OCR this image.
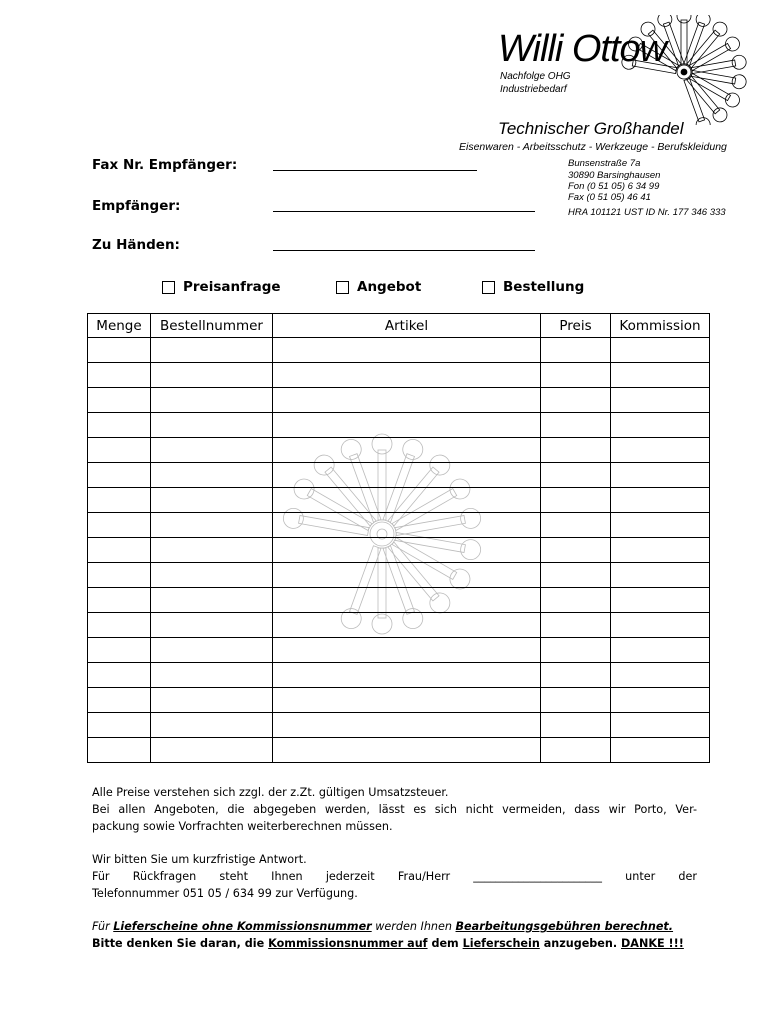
Willi Ottow
Nachfolge OHG
Industriebedarf
Technischer Großhandel
Eisenwaren - Arbeitsschutz - Werkzeuge - Berufskleidung
Bunsenstraße 7a
30890 Barsinghausen
Fon (0 51 05) 6 34 99
Fax (0 51 05) 46 41
HRA 101121 UST ID Nr. 177 346 333
Fax Nr. Empfänger:
Empfänger:
Zu Händen:
Preisanfrage	Angebot	Bestellung
Menge	Bestellnummer	Artikel	Preis	Kommission

Alle Preise verstehen sich zzgl. der z.Zt. gültigen Umsatzsteuer.

Bei allen Angeboten, die abgegeben werden, lässt es sich nicht vermeiden, dass wir Porto, Ver-

packung sowie Vorfrachten weiterberechnen müssen.

Wir bitten Sie um kurzfristige Antwort.

Für Rückfragen steht Ihnen jederzeit Frau/Herr _______________________ unter der

Telefonnummer 051 05 / 634 99 zur Verfügung.

Für Lieferscheine ohne Kommissionsnummer werden Ihnen Bearbeitungsgebühren berechnet.

Bitte denken Sie daran, die Kommissionsnummer auf dem Lieferschein anzugeben. DANKE !!!
